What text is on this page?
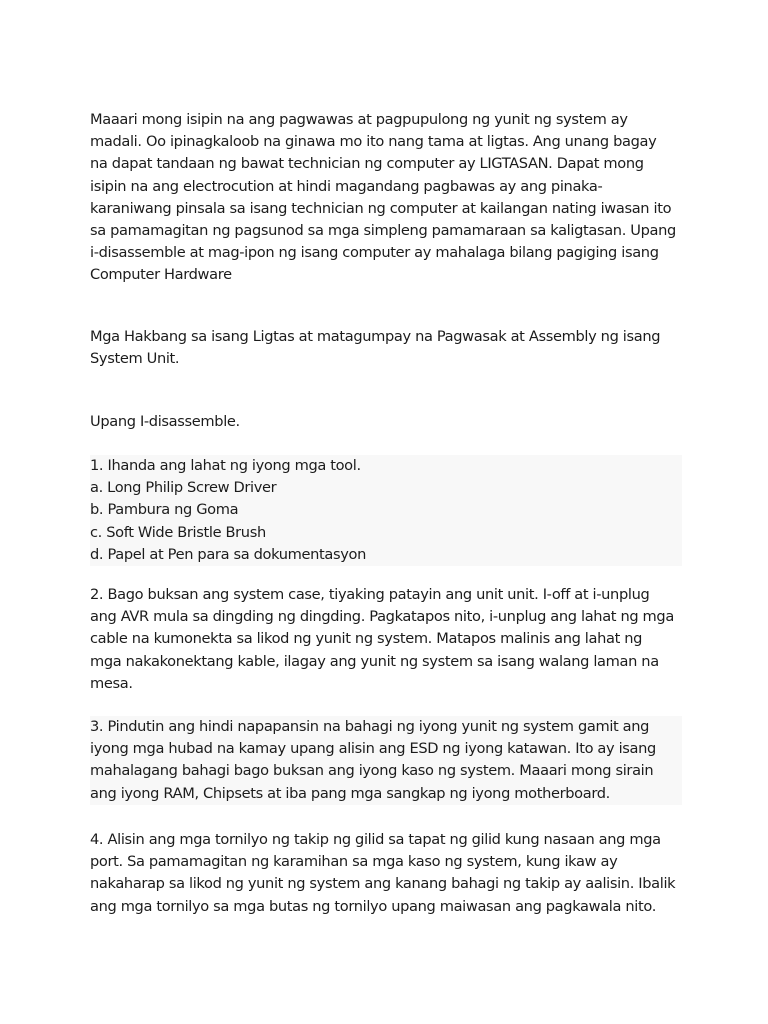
Maaari mong isipin na ang pagwawas at pagpupulong ng yunit ng system ay
madali. Oo ipinagkaloob na ginawa mo ito nang tama at ligtas. Ang unang bagay
na dapat tandaan ng bawat technician ng computer ay LIGTASAN. Dapat mong
isipin na ang electrocution at hindi magandang pagbawas ay ang pinaka-
karaniwang pinsala sa isang technician ng computer at kailangan nating iwasan ito
sa pamamagitan ng pagsunod sa mga simpleng pamamaraan sa kaligtasan. Upang
i-disassemble at mag-ipon ng isang computer ay mahalaga bilang pagiging isang
Computer Hardware
Mga Hakbang sa isang Ligtas at matagumpay na Pagwasak at Assembly ng isang
System Unit.
Upang I-disassemble.
1. Ihanda ang lahat ng iyong mga tool.
a. Long Philip Screw Driver
b. Pambura ng Goma
c. Soft Wide Bristle Brush
d. Papel at Pen para sa dokumentasyon
2. Bago buksan ang system case, tiyaking patayin ang unit unit. I-off at i-unplug
ang AVR mula sa dingding ng dingding. Pagkatapos nito, i-unplug ang lahat ng mga
cable na kumonekta sa likod ng yunit ng system. Matapos malinis ang lahat ng
mga nakakonektang kable, ilagay ang yunit ng system sa isang walang laman na
mesa.
3. Pindutin ang hindi napapansin na bahagi ng iyong yunit ng system gamit ang
iyong mga hubad na kamay upang alisin ang ESD ng iyong katawan. Ito ay isang
mahalagang bahagi bago buksan ang iyong kaso ng system. Maaari mong sirain
ang iyong RAM, Chipsets at iba pang mga sangkap ng iyong motherboard.
4. Alisin ang mga tornilyo ng takip ng gilid sa tapat ng gilid kung nasaan ang mga
port. Sa pamamagitan ng karamihan sa mga kaso ng system, kung ikaw ay
nakaharap sa likod ng yunit ng system ang kanang bahagi ng takip ay aalisin. Ibalik
ang mga tornilyo sa mga butas ng tornilyo upang maiwasan ang pagkawala nito.
